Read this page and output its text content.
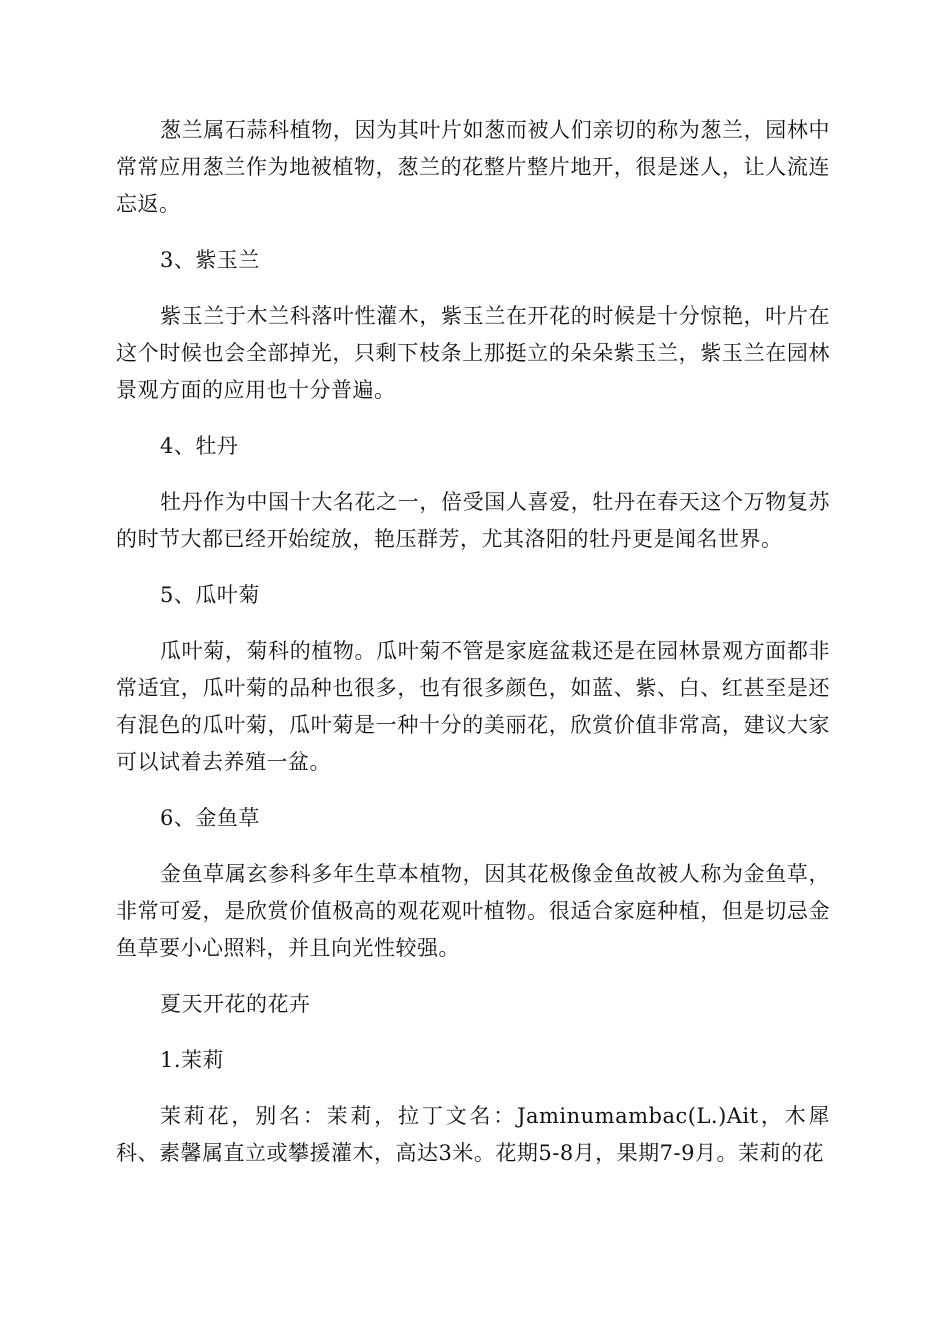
葱兰属石蒜科植物，因为其叶片如葱而被人们亲切的称为葱兰，园林中常常应用葱兰作为地被植物，葱兰的花整片整片地开，很是迷人，让人流连忘返。

3、紫玉兰

紫玉兰于木兰科落叶性灌木，紫玉兰在开花的时候是十分惊艳，叶片在这个时候也会全部掉光，只剩下枝条上那挺立的朵朵紫玉兰，紫玉兰在园林景观方面的应用也十分普遍。

4、牡丹

牡丹作为中国十大名花之一，倍受国人喜爱，牡丹在春天这个万物复苏的时节大都已经开始绽放，艳压群芳，尤其洛阳的牡丹更是闻名世界。

5、瓜叶菊

瓜叶菊，菊科的植物。瓜叶菊不管是家庭盆栽还是在园林景观方面都非常适宜，瓜叶菊的品种也很多，也有很多颜色，如蓝、紫、白、红甚至是还有混色的瓜叶菊，瓜叶菊是一种十分的美丽花，欣赏价值非常高，建议大家可以试着去养殖一盆。

6、金鱼草

金鱼草属玄参科多年生草本植物，因其花极像金鱼故被人称为金鱼草，非常可爱，是欣赏价值极高的观花观叶植物。很适合家庭种植，但是切忌金鱼草要小心照料，并且向光性较强。

夏天开花的花卉

1.茉莉

茉莉花，别名：茉莉，拉丁文名：Jaminumambac(L.)Ait，木犀科、素馨属直立或攀援灌木，高达3米。花期5-8月，果期7-9月。茉莉的花
